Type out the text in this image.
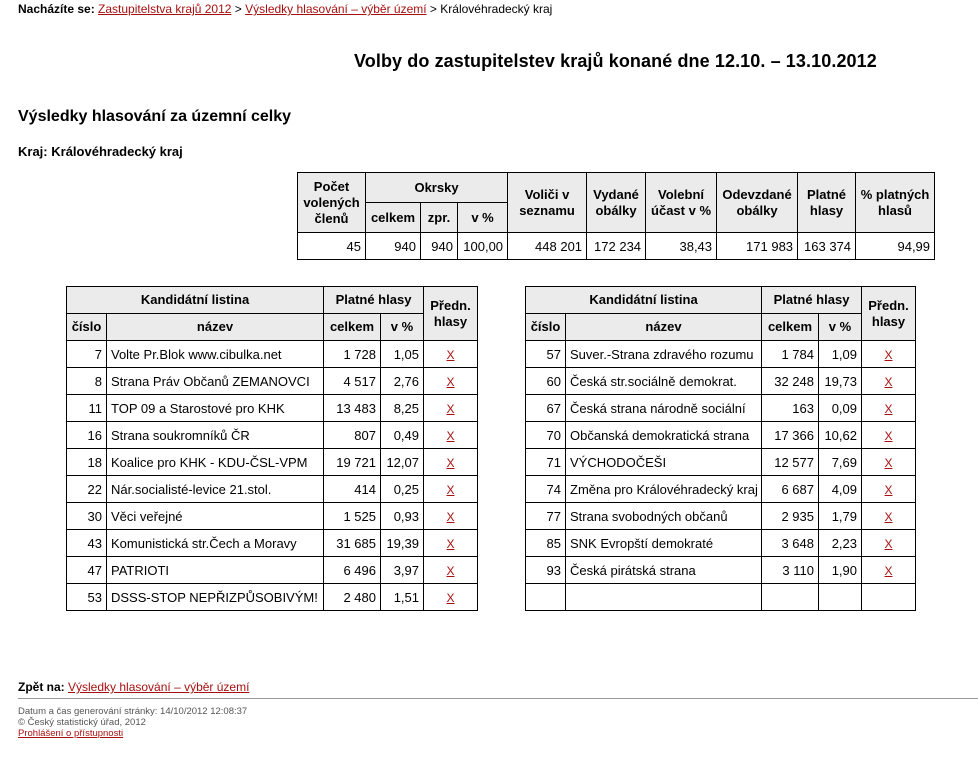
Nacházíte se: Zastupitelstva krajů 2012 > Výsledky hlasování – výběr území > Královéhradecký kraj
Volby do zastupitelstev krajů konané dne 12.10. – 13.10.2012
Výsledky hlasování za územní celky
Kraj: Královéhradecký kraj
Počet volených členů	Okrsky			Voliči v seznamu	Vydané obálky	Volební účast v %	Odevzdané obálky	Platné hlasy	% platných hlasů
	celkem	zpr.	v %						
45	940	940	100,00	448 201	172 234	38,43	171 983	163 374	94,99
Kandidátní listina		Platné hlasy		Předn. hlasy
číslo	název	celkem	v %	
7	Volte Pr.Blok www.cibulka.net	1 728	1,05	X
8	Strana Práv Občanů ZEMANOVCI	4 517	2,76	X
11	TOP 09 a Starostové pro KHK	13 483	8,25	X
16	Strana soukromníků ČR	807	0,49	X
18	Koalice pro KHK - KDU-ČSL-VPM	19 721	12,07	X
22	Nár.socialisté-levice 21.stol.	414	0,25	X
30	Věci veřejné	1 525	0,93	X
43	Komunistická str.Čech a Moravy	31 685	19,39	X
47	PATRIOTI	6 496	3,97	X
53	DSSS-STOP NEPŘIZPŮSOBIVÝM!	2 480	1,51	X
Kandidátní listina		Platné hlasy		Předn. hlasy
číslo	název	celkem	v %	
57	Suver.-Strana zdravého rozumu	1 784	1,09	X
60	Česká str.sociálně demokrat.	32 248	19,73	X
67	Česká strana národně sociální	163	0,09	X
70	Občanská demokratická strana	17 366	10,62	X
71	VÝCHODOČEŠI	12 577	7,69	X
74	Změna pro Královéhradecký kraj	6 687	4,09	X
77	Strana svobodných občanů	2 935	1,79	X
85	SNK Evropští demokraté	3 648	2,23	X
93	Česká pirátská strana	3 110	1,90	X

Zpět na: Výsledky hlasování – výběr území
Datum a čas generování stránky: 14/10/2012 12:08:37
© Český statistický úřad, 2012
Prohlášení o přístupnosti
